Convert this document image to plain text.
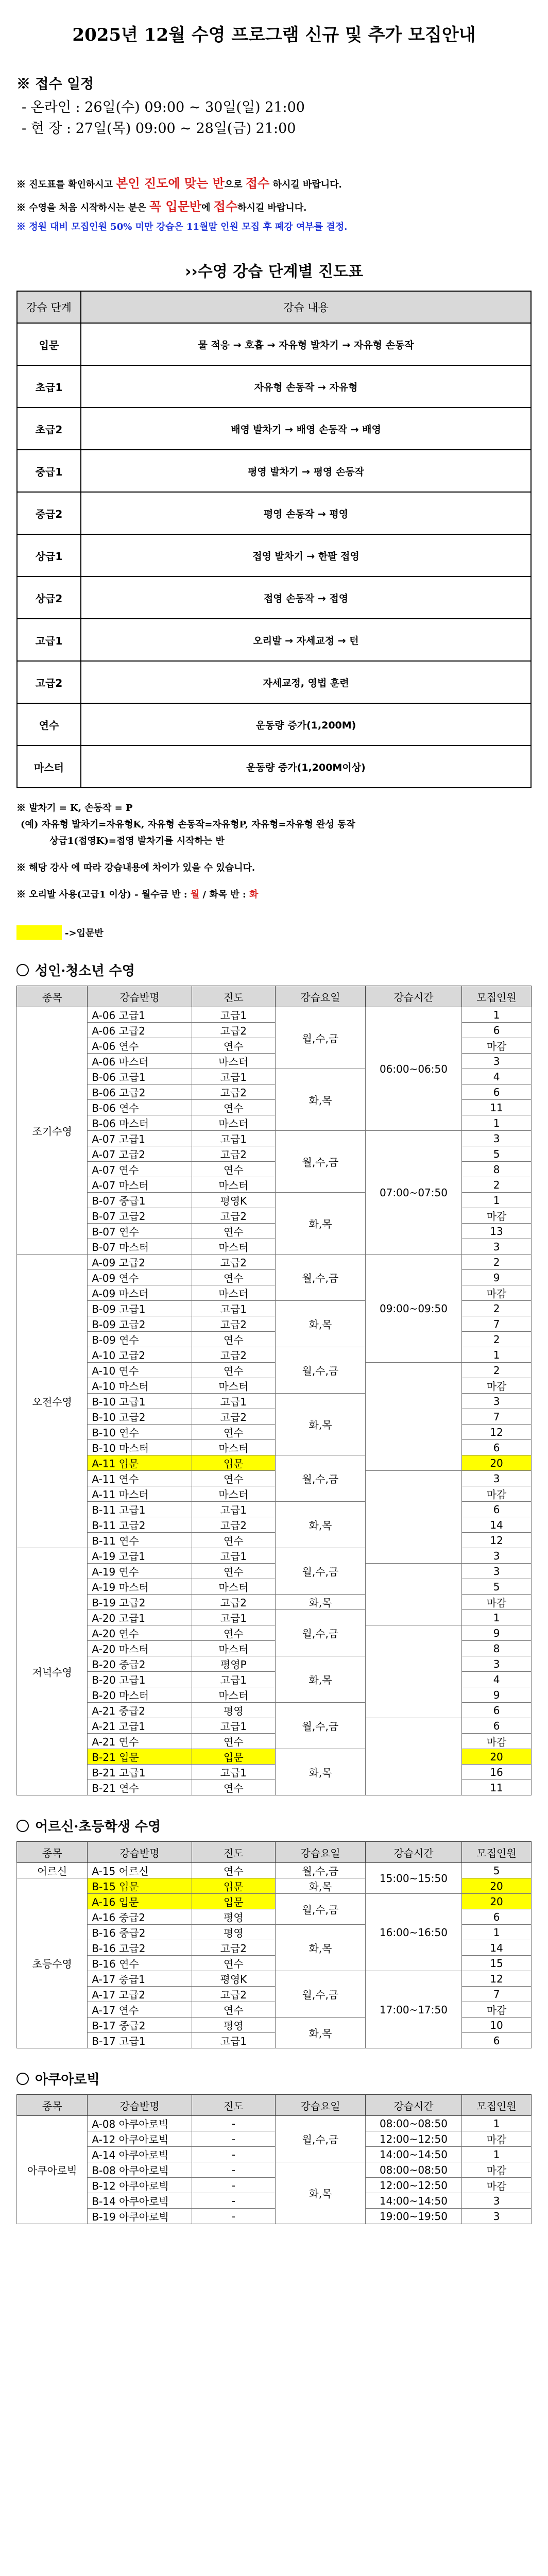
2025년 12월 수영 프로그램 신규 및 추가 모집안내
※ 접수 일정
- 온라인 : 26일(수) 09:00 ~ 30일(일) 21:00
- 현 장 : 27일(목) 09:00 ~ 28일(금) 21:00
※ 진도표를 확인하시고 본인 진도에 맞는 반으로 접수 하시길 바랍니다.
※ 수영을 처음 시작하시는 분은 꼭 입문반에 접수하시길 바랍니다.
※ 정원 대비 모집인원 50% 미만 강습은 11월말 인원 모집 후 폐강 여부를 결정.
››수영 강습 단계별 진도표
강습 단계	강습 내용
입문	물 적응 → 호흡 → 자유형 발차기 → 자유형 손동작
초급1	자유형 손동작 → 자유형
초급2	배영 발차기 → 배영 손동작 → 배영
중급1	평영 발차기 → 평영 손동작
중급2	평영 손동작 → 평영
상급1	접영 발차기 → 한팔 접영
상급2	접영 손동작 → 접영
고급1	오리발 → 자세교정 → 턴
고급2	자세교정, 영법 훈련
연수	운동량 증가(1,200M)
마스터	운동량 증가(1,200M이상)

※ 발차기 = K, 손동작 = P

(예) 자유형 발차기=자유형K, 자유형 손동작=자유형P, 자유형=자유형 완성 동작

상급1(접영K)=접영 발차기를 시작하는 반

※ 해당 강사 에 따라 강습내용에 차이가 있을 수 있습니다.

※ 오리발 사용(고급1 이상) - 월수금 반 : 월 / 화목 반 : 화

->입문반
성인·청소년 수영
종목	강습반명	진도	강습요일	강습시간	모집인원
조기수영	A-06 고급1	고급1	월,수,금	06:00~06:50	1
	A-06 고급2	고급2			6
	A-06 연수	연수			마감
	A-06 마스터	마스터			3
	B-06 고급1	고급1	화,목		4
	B-06 고급2	고급2			6
	B-06 연수	연수			11
	B-06 마스터	마스터			1
	A-07 고급1	고급1	월,수,금	07:00~07:50	3
	A-07 고급2	고급2			5
	A-07 연수	연수			8
	A-07 마스터	마스터			2
	B-07 중급1	평영K	화,목		1
	B-07 고급2	고급2			마감
	B-07 연수	연수			13
	B-07 마스터	마스터			3
오전수영	A-09 고급2	고급2	월,수,금	09:00~09:50	2
	A-09 연수	연수			9
	A-09 마스터	마스터			마감
	B-09 고급1	고급1	화,목		2
	B-09 고급2	고급2			7
	B-09 연수	연수			2
	A-10 고급2	고급2	월,수,금		1
	A-10 연수	연수			2
	A-10 마스터	마스터			마감
	B-10 고급1	고급1	화,목		3
	B-10 고급2	고급2			7
	B-10 연수	연수			12
	B-10 마스터	마스터			6
	A-11 입문	입문	월,수,금		20
	A-11 연수	연수			3
	A-11 마스터	마스터			마감
	B-11 고급1	고급1	화,목		6
	B-11 고급2	고급2			14
	B-11 연수	연수			12
저녁수영	A-19 고급1	고급1	월,수,금		3
	A-19 연수	연수			3
	A-19 마스터	마스터			5
	B-19 고급2	고급2	화,목		마감
	A-20 고급1	고급1	월,수,금		1
	A-20 연수	연수			9
	A-20 마스터	마스터			8
	B-20 중급2	평영P	화,목		3
	B-20 고급1	고급1			4
	B-20 마스터	마스터			9
	A-21 중급2	평영	월,수,금		6
	A-21 고급1	고급1			6
	A-21 연수	연수			마감
	B-21 입문	입문	화,목		20
	B-21 고급1	고급1			16
	B-21 연수	연수			11
어르신·초등학생 수영
종목	강습반명	진도	강습요일	강습시간	모집인원
어르신	A-15 어르신	연수	월,수,금	15:00~15:50	5
초등수영	B-15 입문	입문	화,목		20
	A-16 입문	입문	월,수,금	16:00~16:50	20
	A-16 중급2	평영			6
	B-16 중급2	평영	화,목		1
	B-16 고급2	고급2			14
	B-16 연수	연수			15
	A-17 중급1	평영K	월,수,금	17:00~17:50	12
	A-17 고급2	고급2			7
	A-17 연수	연수			마감
	B-17 중급2	평영	화,목		10
	B-17 고급1	고급1			6
아쿠아로빅
종목	강습반명	진도	강습요일	강습시간	모집인원
아쿠아로빅	A-08 아쿠아로빅	-	월,수,금	08:00~08:50	1
	A-12 아쿠아로빅	-		12:00~12:50	마감
	A-14 아쿠아로빅	-		14:00~14:50	1
	B-08 아쿠아로빅	-	화,목	08:00~08:50	마감
	B-12 아쿠아로빅	-		12:00~12:50	마감
	B-14 아쿠아로빅	-		14:00~14:50	3
	B-19 아쿠아로빅	-		19:00~19:50	3
